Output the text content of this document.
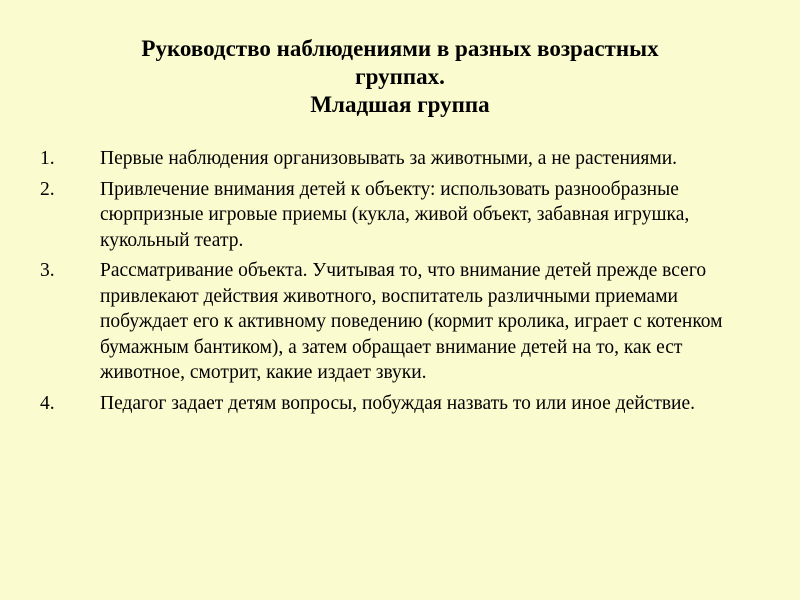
Руководство наблюдениями в разных возрастных
группах.
Младшая группа
1.	Первые наблюдения организовывать за животными, а не растениями.
2.	Привлечение внимания детей к объекту: использовать разнообразные сюрпризные игровые приемы (кукла, живой объект, забавная игрушка, кукольный театр.
3.	Рассматривание объекта. Учитывая то, что внимание детей прежде всего привлекают действия животного, воспитатель различными приемами побуждает его к активному поведению (кормит кролика, играет с котенком бумажным бантиком), а затем обращает внимание детей на то, как ест животное, смотрит, какие издает звуки.
4.	Педагог задает детям вопросы, побуждая назвать то или иное действие.
